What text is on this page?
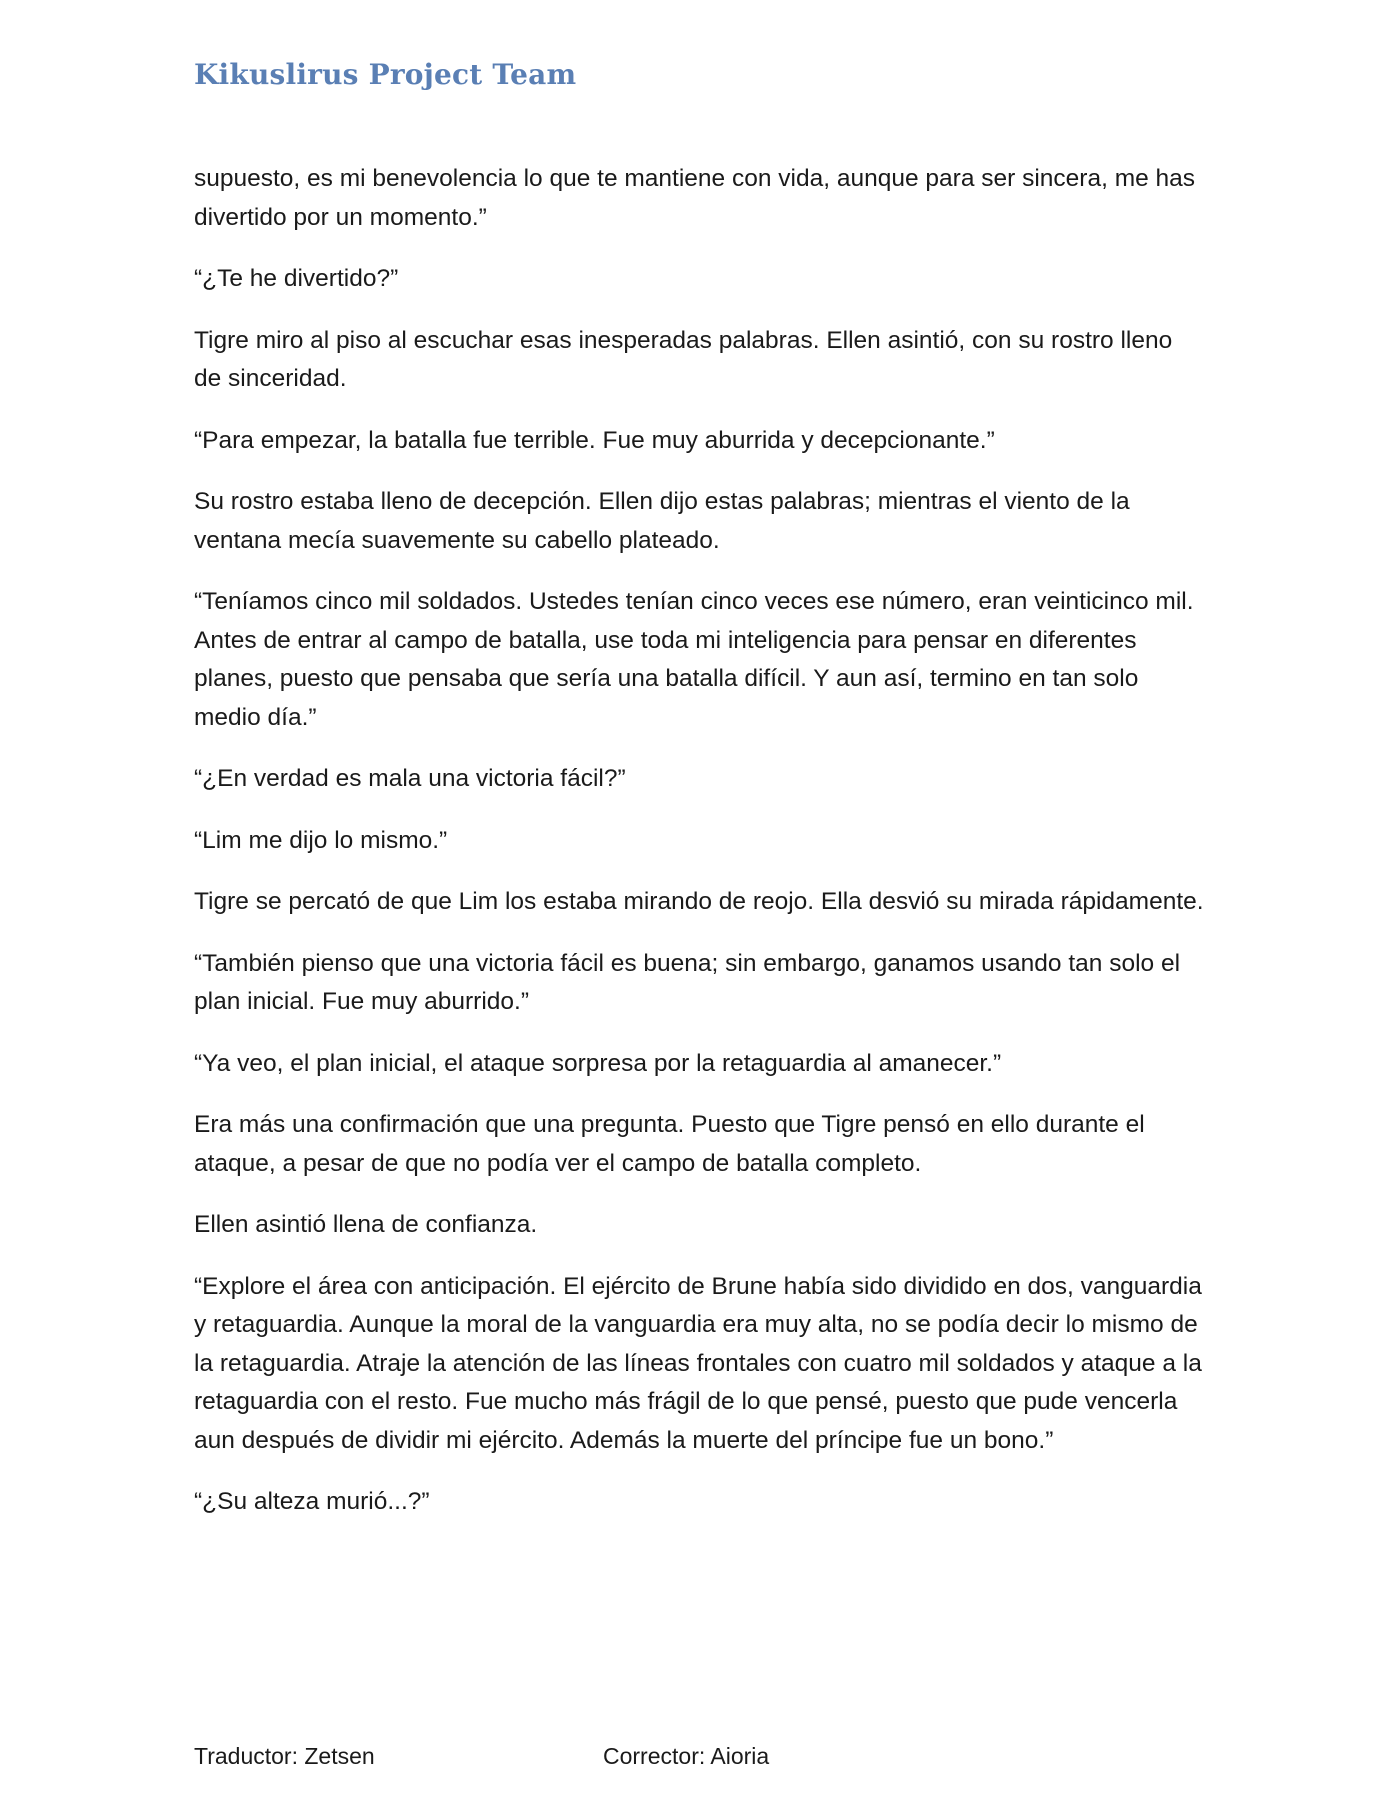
Kikuslirus Project Team

supuesto, es mi benevolencia lo que te mantiene con vida, aunque para ser sincera, me has divertido por un momento.”

“¿Te he divertido?”

Tigre miro al piso al escuchar esas inesperadas palabras. Ellen asintió, con su rostro lleno de sinceridad.

“Para empezar, la batalla fue terrible. Fue muy aburrida y decepcionante.”

Su rostro estaba lleno de decepción. Ellen dijo estas palabras; mientras el viento de la ventana mecía suavemente su cabello plateado.

“Teníamos cinco mil soldados. Ustedes tenían cinco veces ese número, eran veinticinco mil. Antes de entrar al campo de batalla, use toda mi inteligencia para pensar en diferentes planes, puesto que pensaba que sería una batalla difícil. Y aun así, termino en tan solo medio día.”

“¿En verdad es mala una victoria fácil?”

“Lim me dijo lo mismo.”

Tigre se percató de que Lim los estaba mirando de reojo. Ella desvió su mirada rápidamente.

“También pienso que una victoria fácil es buena; sin embargo, ganamos usando tan solo el plan inicial. Fue muy aburrido.”

“Ya veo, el plan inicial, el ataque sorpresa por la retaguardia al amanecer.”

Era más una confirmación que una pregunta. Puesto que Tigre pensó en ello durante el ataque, a pesar de que no podía ver el campo de batalla completo.

Ellen asintió llena de confianza.

“Explore el área con anticipación. El ejército de Brune había sido dividido en dos, vanguardia y retaguardia. Aunque la moral de la vanguardia era muy alta, no se podía decir lo mismo de la retaguardia. Atraje la atención de las líneas frontales con cuatro mil soldados y ataque a la retaguardia con el resto. Fue mucho más frágil de lo que pensé, puesto que pude vencerla aun después de dividir mi ejército. Además la muerte del príncipe fue un bono.”

“¿Su alteza murió...?”

Traductor: Zetsen	Corrector: Aioria
